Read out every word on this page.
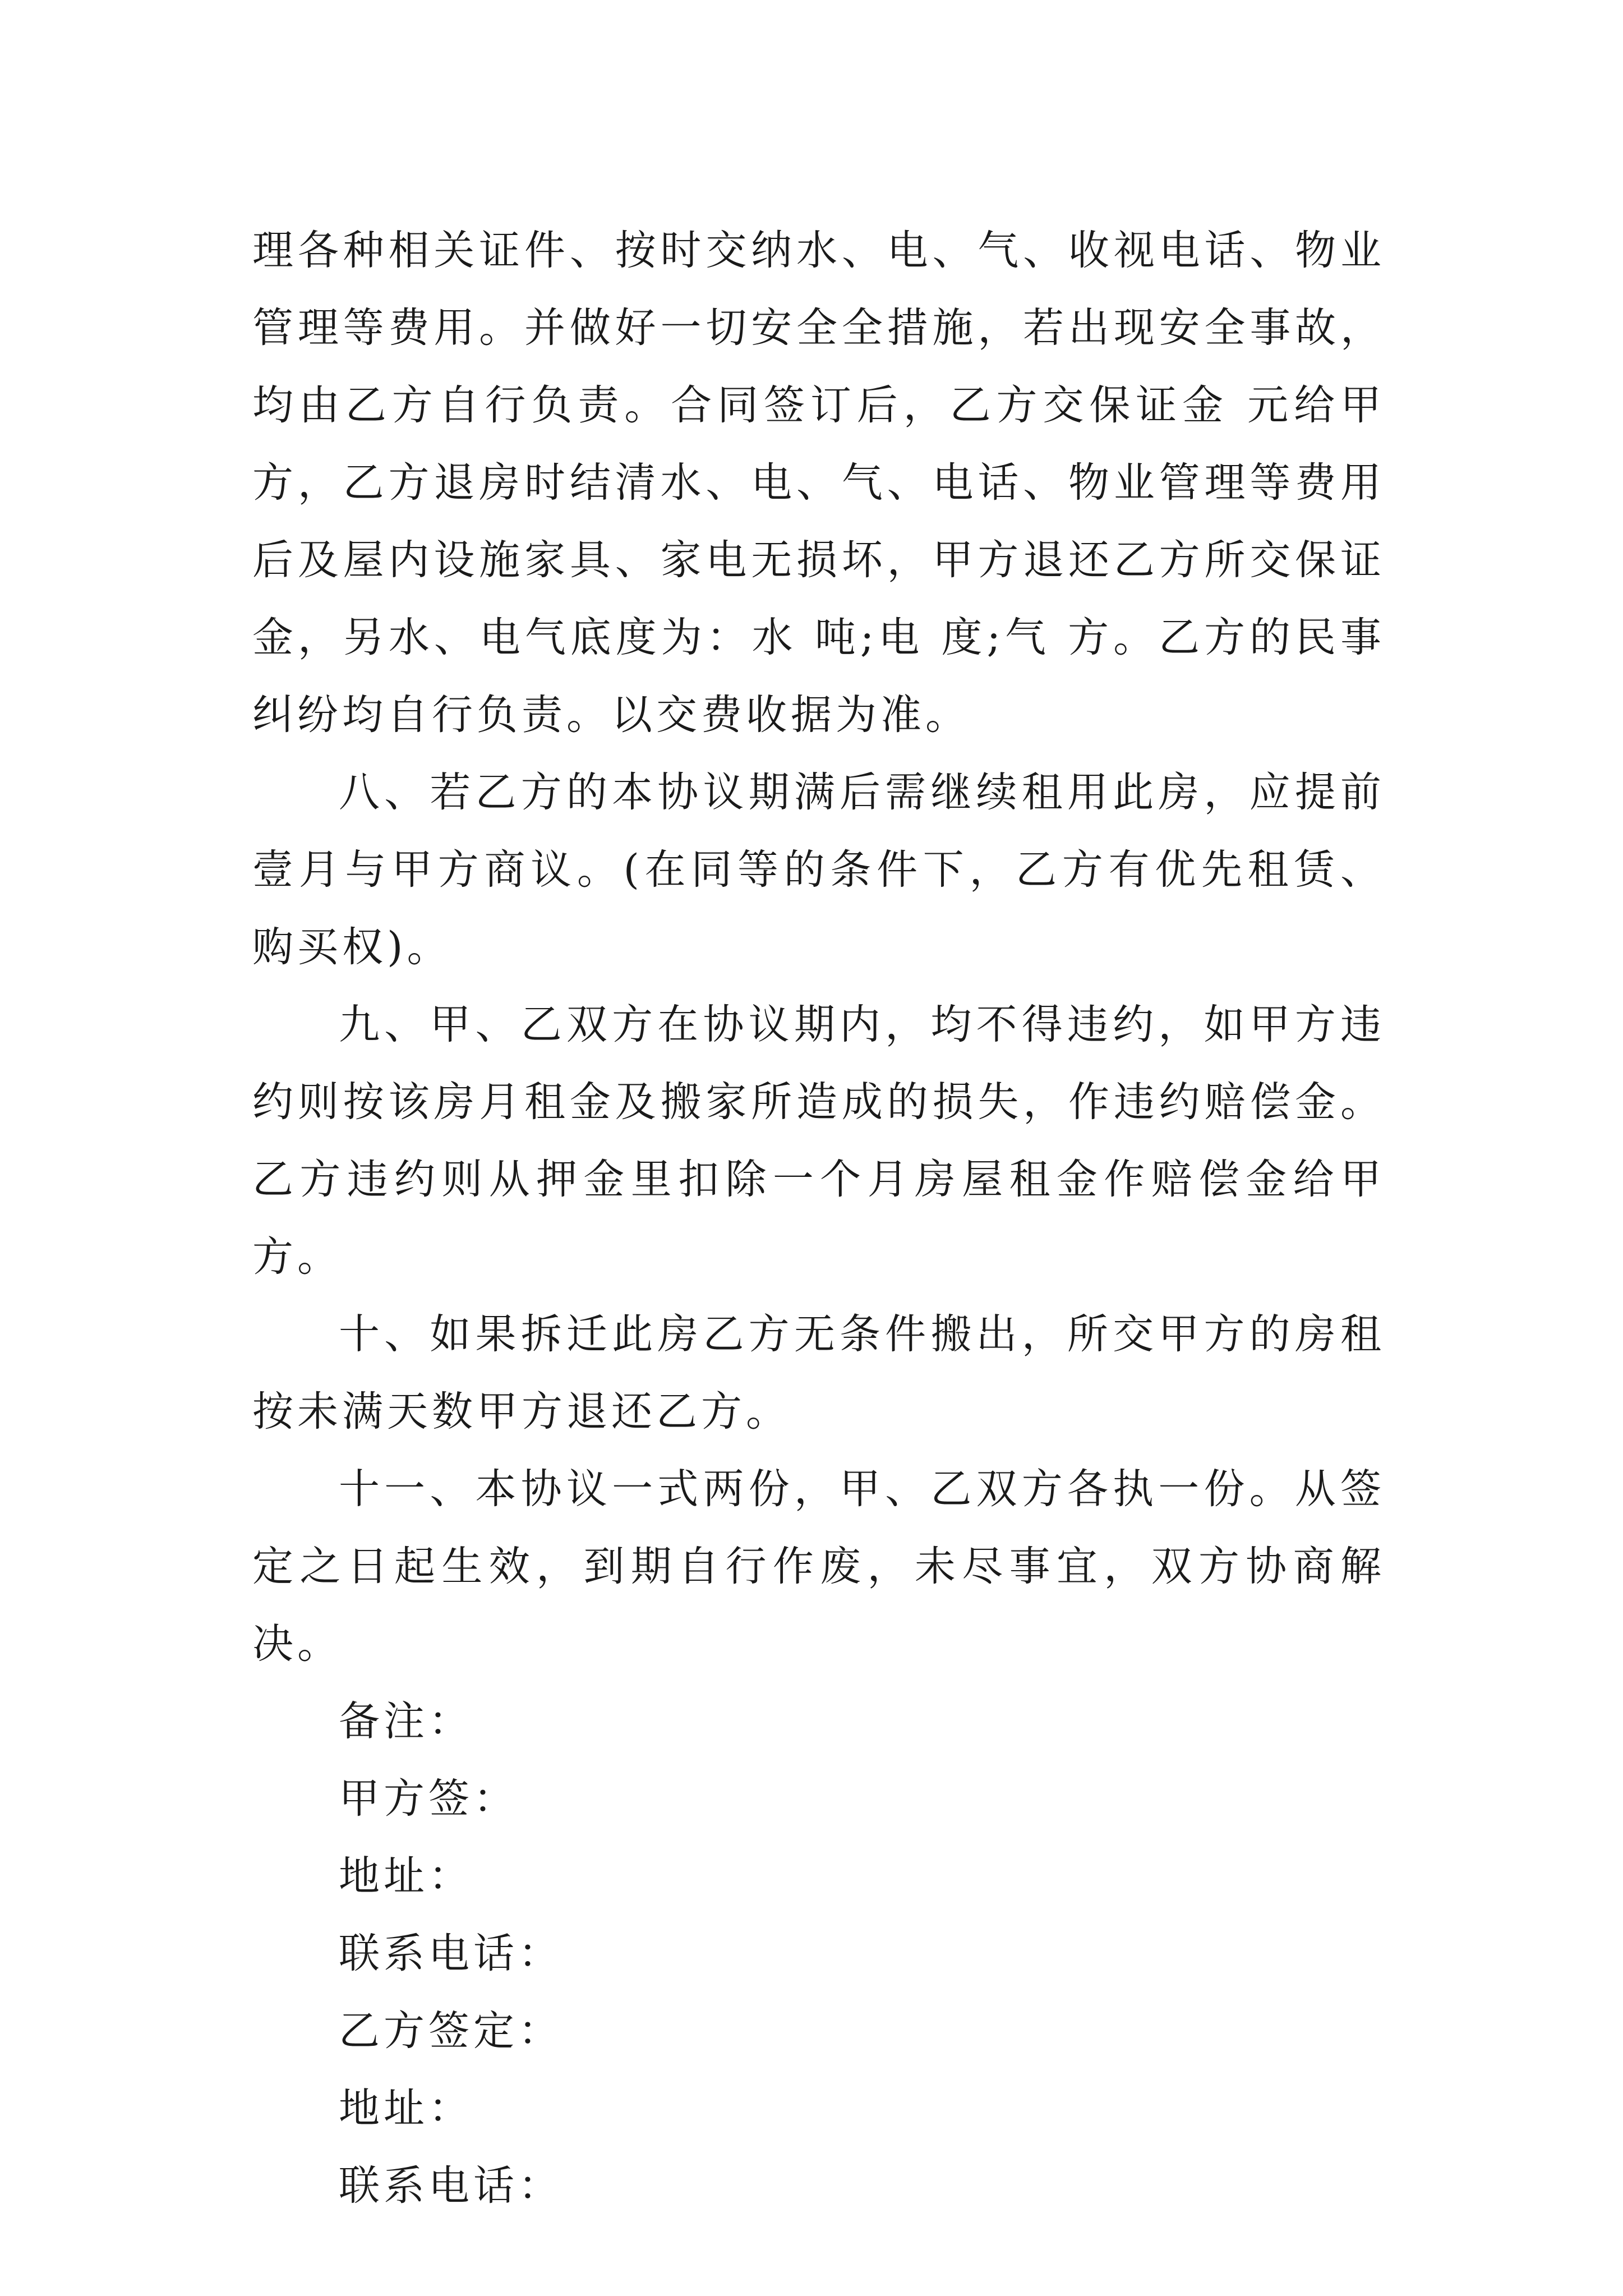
理各种相关证件、按时交纳水、电、气、收视电话、物业管理等费用。并做好一切安全全措施，若出现安全事故，均由乙方自行负责。合同签订后，乙方交保证金 元给甲方，乙方退房时结清水、电、气、电话、物业管理等费用后及屋内设施家具、家电无损坏，甲方退还乙方所交保证金，另水、电气底度为：水 吨;电 度;气 方。乙方的民事纠纷均自行负责。以交费收据为准。

八、若乙方的本协议期满后需继续租用此房，应提前壹月与甲方商议。(在同等的条件下，乙方有优先租赁、购买权)。

九、甲、乙双方在协议期内，均不得违约，如甲方违约则按该房月租金及搬家所造成的损失，作违约赔偿金。乙方违约则从押金里扣除一个月房屋租金作赔偿金给甲方。

十、如果拆迁此房乙方无条件搬出，所交甲方的房租按未满天数甲方退还乙方。

十一、本协议一式两份，甲、乙双方各执一份。从签定之日起生效，到期自行作废，未尽事宜，双方协商解决。

备注：

甲方签：

地址：

联系电话：

乙方签定：

地址：

联系电话：
